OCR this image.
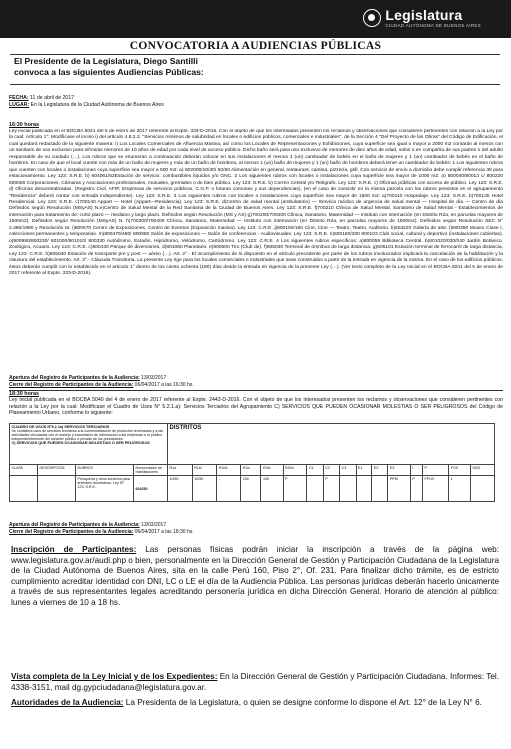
Legislatura
CIUDAD AUTÓNOMA DE BUENOS AIRES
CONVOCATORIA A AUDIENCIAS PÚBLICAS
El Presidente de la Legislatura, Diego Santilli
convoca a las siguientes Audiencias Públicas:
FECHA: 11 de abril de 2017
LUGAR: En la Legislatura de la Ciudad Autónoma de Buenos Aires
16:30 horas
Ley inicial publicada en el BOCBA 5041 del 5 de enero de 2017 referente al Expte. 333-D-2016. Con el objeto de que los interesados presenten los reclamos y observaciones que consideren pertinentes con relación a la Ley por la cual: Artículo 1°: Modifícase el inciso i) del artículo 4.8.2.3. "Servicios mínimos de salubridad en locales o edificios públicos, comerciales e industriales", de la Sección 4 "Del Proyecto de las Obras" del Código de Edificación, el cual quedará redactado de la siguiente manera: i) Los Locales Comerciales de Afluencia Masiva, así como los Locales de Representaciones y Exhibiciones, cuya superficie sea igual o mayor a 2000 m2 contarán al menos con un sanitario de uso exclusivo para niños/as menores de 10 años de edad por cada nivel de acceso público. Dicho baño será para uso exclusivo de menores de diez años de edad, solos o en compañía de sus padres o del adulto responsable de su cuidado (…). Los rubros que se enumeran a continuación deberán colocar en sus instalaciones el menos 1 (un) cambiador de bebés en el baño de mujeres y 1 (un) cambiador de bebés en el baño de hombres. En caso de que el local cuente con más de un baño de mujeres y más de un baño de hombres, al menos 1 (un) baño de mujeres y 1 (un) baño de hombres deberá tener un cambiador de bebés: 1 Los siguientes rubros que cuenten con locales o instalaciones cuya superficie sea mayor a 500 m2: a) 602000/10/40/ 50/60 Alimentación en general, restaurant, cantina, pizzería, grill. Con servicio de envío a domicilio debe cumplir referencia 38 para estacionamiento. Ley 123: S.R.E. b) 604061/62Estación de servicio: combustibles líquidos y/o GNC. 2 Los siguientes rubros con locales o instalaciones cuya superficie sea mayor de 1000 m2: a) 800040/80013 c/ 800220 800060 Corporaciones, Cámaras y Asociaciones profesionales, mutuales, gremiales o de bien público. Ley 123: S.R.E. b) Correo Central y/o Telégrafo. Ley 123: S.R.E. c) Oficinas públicas con acceso de público. Ley 123: S.R.E. d) Oficinas descentralizadas. (Registro Civil, AFIP, Empresas de servicios públicos, C.G.P. o futuras comunas y sus dependencias), (en el caso de coexistir en la misma parcela con los rubros previstos en el agrupamiento "Residencia" deberá contar con entrada independiente). Ley 123: S.R.E. 3 Los siguientes rubros con locales o instalaciones cuya superficie sea mayor de 1500 m2: a)700110 Hospedaje. Ley 123: S.R.E. b)700130 Hotel Residencial. Ley 123: S.R.E. c)700140 Appart — Hotel (Appart—Residencia). Ley 123: S.R.E. d)Centro de salud mental (ambulatorio) — Servicio médico de urgencia de salud mental — Hospital de día — Centro de día Definidos según Resolución (MSyAS) N.e)Centro de Salud Mental de la Red Sanitaria de la Ciudad de Buenos Aires. Ley 123: S.R.E. f)700210 Clínica de Salud Mental, Sanatorio de Salud Mental - Establecimientos de internación para tratamiento de: corto plazo — mediano y largo plazo. Definidos según Resolución (MS y AS) g)700200/700400 Clínica, Sanatorio, Maternidad — Instituto con internación (en Distrito R2a, en parcelas mayores de 1500m2). Definidos según Resolución (MSyAS) N. h)700200/700400 Clínica, Sanatorio, Maternidad — Instituto con internación (en Distrito R2a, en parcelas mayores de 1500m2). Definidos según Resolución SEC N° 2.385/1980 y Resolución M. i)800570 Centro de Exposiciones, Centro de Eventos (Exposición masiva). Ley 123: C.R.E. j)800150/160 Cine, Cine — Teatro, Teatro, Auditorio. k)604220 Galería de arte. l)800390 Museo Clase I, colecciones permanentes y temporarias. m)800470/480/ 800980 Salón de exposiciones — Salón de conferencias - Audiovisuales. Ley 123: S.R.E. n)800180/200 800103 Club social, cultural y deportivo (instalaciones cubiertas). o)800990/800230/ 801000/801010/ 800330 Autódromo, Estadio, Hipódromo, Velódromo, Cartódromo. Ley 123: C.R.E. 4 Los siguientes rubros específicos: a)800059 Biblioteca Central. b)801020/030/040 Jardín Botánico, Zoológico, Acuario. Ley 123: C.R.E. c)800430 Parque de diversiones. d)801050 Planetario. e)800600 Tiro (Club de). f)605030 Terminal de ómnibus de larga distancia. g)605101 Estación terminal de ferrocarril de larga distancia. Ley 123: C.R.E. h)605040 Estación de transporte pre y post — aéreo (…). Art. 2°.- El incumplimiento de lo dispuesto en el artículo precedente por parte de los rubros involucrados implicará la cancelación de la habilitación y la clausura del establecimiento. Art. 3°.- Cláusula Transitoria. La presente Ley rige para los locales comerciales e industriales que sean construidos a partir de la entrada en vigencia de la misma. En el caso de los edificios públicos, éstos deberán cumplir con lo establecido en el artículo 1° dentro de los ciento ochenta (180) días desde la entrada en vigencia de la presente Ley (…). (Ver texto completo de la Ley Inicial en el BOCBA 5041 del 5 de enero de 2017 referente al Expte. 333-D-2016).
Apertura del Registro de Participantes de la Audiencia: 13/03/2017
Cierre del Registro de Participantes de la Audiencia: 06/04/2017 a las 16:30 hs.
18:30 horas
Ley inicial publicada en el BOCBA 5040 del 4 de enero de 2017 referente al Expte. 2443-D-2016. Con el objeto de que los interesados presenten los reclamos y observaciones que consideren pertinentes con relación a la Ley por la cual: Modifícase el Cuadro de Usos N° 5.2.1.a): Servicios Terciarios del Agrupamiento C) SERVICIOS QUE PUEDEN OCASIONAR MOLESTIAS O SER PELIGROSOS del Código de Planeamiento Urbano, conforme lo siguiente:
CUADRO DE USOS Nº5.2.1a) SERVICIOS TERCIARIOS
Se considera usos de servicios terciarios a la comercialización de productos terminados y a las actividades vinculadas con el manejo y transmisión de información a las empresas o al público independientemente del carácter público o privado de los prestadores.
C) SERVICIOS QUE PUEDEN OCASIONAR MOLESTIAS O SER PELIGROSOS				DISTRITOS															
CLASE	DESCRIPCIÓN	RUBROS	Nomenclador de Habilitaciones	R1a	R1bI	R1bII	R2a	R2bI	R2bII	C1	C2	C3	E1	E2	E3	I	P	FOS	OBS.
		Peluquería y otros servicios para animales domésticos. Ley Nº 123: S.R.E.	604250	10/50	10/50	-	150	150	P		P				PPM	P	PPUV	1	
Apertura del Registro de Participantes de la Audiencia: 13/03/2017
Cierre del Registro de Participantes de la Audiencia: 06/04/2017 a las 18:30 hs.
Inscripción de Participantes: Las personas físicas podrán iniciar la inscripción a través de la página web: www.legislatura.gov.ar/audi.php o bien, personalmente en la Dirección General de Gestión y Participación Ciudadana de la Legislatura de la Ciudad Autónoma de Buenos Aires, sita en la calle Perú 160, Piso 2°, Of. 231. Para finalizar dicho trámite, es de estricto cumplimiento acreditar identidad con DNI, LC o LE el día de la Audiencia Pública. Las personas jurídicas deberán hacerlo únicamente a través de sus representantes legales acreditando personería jurídica en dicha Dirección General. Horario de atención al público: lunes a viernes de 10 a 18 hs.
Vista completa de la Ley Inicial y de los Expedientes: En la Dirección General de Gestión y Participación Ciudadana. Informes: Tel. 4338-3151, mail dg.gypciudadana@legislatura.gov.ar.
Autoridades de la Audiencia: La Presidenta de la Legislatura, o quien se designe conforme lo dispone el Art. 12° de la Ley N° 6.
